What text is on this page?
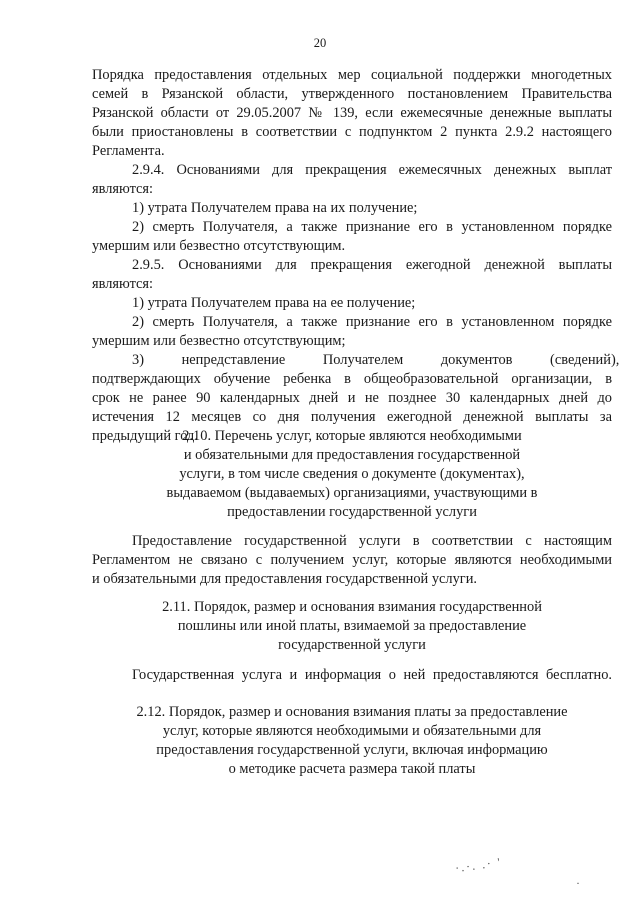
20
Порядка предоставления отдельных мер социальной поддержки многодетных
семей в Рязанской области, утвержденного постановлением Правительства
Рязанской области от 29.05.2007 № 139, если ежемесячные денежные выплаты
были приостановлены в соответствии с подпунктом 2 пункта 2.9.2 настоящего
Регламента.
2.9.4. Основаниями для прекращения ежемесячных денежных выплат
являются:
1) утрата Получателем права на их получение;
2) смерть Получателя, а также признание его в установленном порядке
умершим или безвестно отсутствующим.
2.9.5. Основаниями для прекращения ежегодной денежной выплаты
являются:
1) утрата Получателем права на ее получение;
2) смерть Получателя, а также признание его в установленном порядке
умершим или безвестно отсутствующим;
3) непредставление Получателем документов (сведений),
подтверждающих обучение ребенка в общеобразовательной организации, в
срок не ранее 90 календарных дней и не позднее 30 календарных дней до
истечения 12 месяцев со дня получения ежегодной денежной выплаты за
предыдущий год.
2.10. Перечень услуг, которые являются необходимыми
и обязательными для предоставления государственной
услуги, в том числе сведения о документе (документах),
выдаваемом (выдаваемых) организациями, участвующими в
предоставлении государственной услуги
Предоставление государственной услуги в соответствии с настоящим
Регламентом не связано с получением услуг, которые являются необходимыми
и обязательными для предоставления государственной услуги.
2.11. Порядок, размер и основания взимания государственной
пошлины или иной платы, взимаемой за предоставление
государственной услуги
Государственная услуга и информация о ней предоставляются бесплатно.
2.12. Порядок, размер и основания взимания платы за предоставление
услуг, которые являются необходимыми и обязательными для
предоставления государственной услуги, включая информацию
о методике расчета размера такой платы
·.·. .· '
·
